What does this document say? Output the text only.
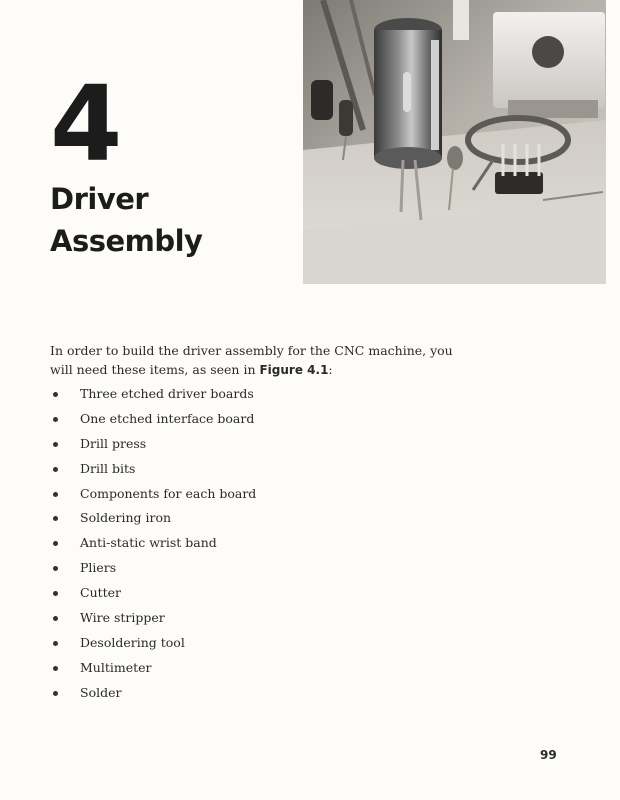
4
Driver
Assembly

In order to build the driver assembly for the CNC machine, you will need these items, as seen in Figure 4.1:

Three etched driver boards
One etched interface board
Drill press
Drill bits
Components for each board
Soldering iron
Anti-static wrist band
Pliers
Cutter
Wire stripper
Desoldering tool
Multimeter
Solder
99
